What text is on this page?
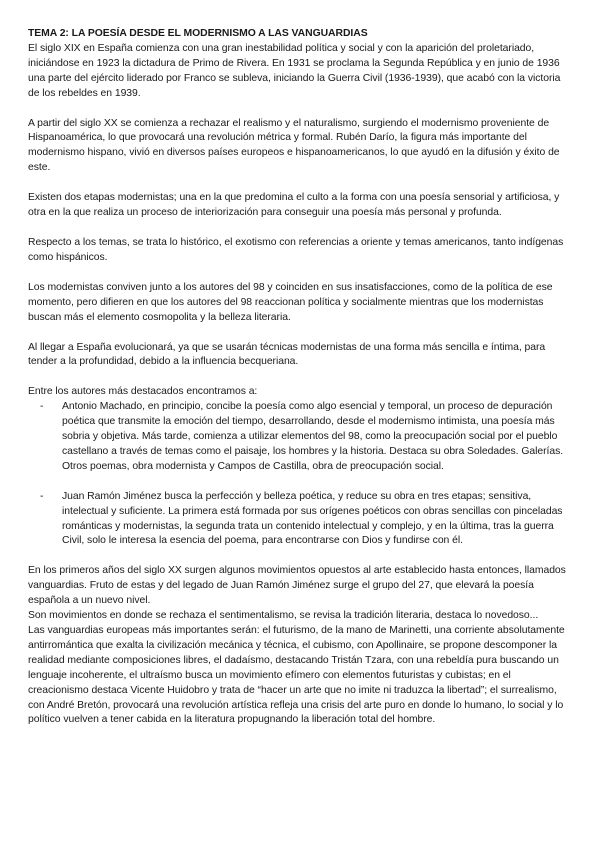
TEMA 2: LA POESÍA DESDE EL MODERNISMO A LAS VANGUARDIAS

El siglo XIX en España comienza con una gran inestabilidad política y social y con la aparición del proletariado, iniciándose en 1923 la dictadura de Primo de Rivera. En 1931 se proclama la Segunda República y en junio de 1936 una parte del ejército liderado por Franco se subleva, iniciando la Guerra Civil (1936-1939), que acabó con la victoria de los rebeldes en 1939.

A partir del siglo XX se comienza a rechazar el realismo y el naturalismo, surgiendo el modernismo proveniente de Hispanoamérica, lo que provocará una revolución métrica y formal. Rubén Darío, la figura más importante del modernismo hispano, vivió en diversos países europeos e hispanoamericanos, lo que ayudó en la difusión y éxito de este.

Existen dos etapas modernistas; una en la que predomina el culto a la forma con una poesía sensorial y artificiosa, y otra en la que realiza un proceso de interiorización para conseguir una poesía más personal y profunda.

Respecto a los temas, se trata lo histórico, el exotismo con referencias a oriente y temas americanos, tanto indígenas como hispánicos.

Los modernistas conviven junto a los autores del 98 y coinciden en sus insatisfacciones, como de la política de ese momento, pero difieren en que los autores del 98 reaccionan política y socialmente mientras que los modernistas buscan más el elemento cosmopolita y la belleza literaria.

Al llegar a España evolucionará, ya que se usarán técnicas modernistas de una forma más sencilla e íntima, para tender a la profundidad, debido a la influencia becqueriana.

Entre los autores más destacados encontramos a:

- Antonio Machado, en principio, concibe la poesía como algo esencial y temporal, un proceso de depuración poética que transmite la emoción del tiempo, desarrollando, desde el modernismo intimista, una poesía más sobria y objetiva. Más tarde, comienza a utilizar elementos del 98, como la preocupación social por el pueblo castellano a través de temas como el paisaje, los hombres y la historia. Destaca su obra Soledades. Galerías. Otros poemas, obra modernista y Campos de Castilla, obra de preocupación social.
- Juan Ramón Jiménez busca la perfección y belleza poética, y reduce su obra en tres etapas; sensitiva, intelectual y suficiente. La primera está formada por sus orígenes poéticos con obras sencillas con pinceladas románticas y modernistas, la segunda trata un contenido intelectual y complejo, y en la última, tras la guerra Civil, solo le interesa la esencia del poema, para encontrarse con Dios y fundirse con él.

En los primeros años del siglo XX surgen algunos movimientos opuestos al arte establecido hasta entonces, llamados vanguardias. Fruto de estas y del legado de Juan Ramón Jiménez surge el grupo del 27, que elevará la poesía española a un nuevo nivel.

Son movimientos en donde se rechaza el sentimentalismo, se revisa la tradición literaria, destaca lo novedoso...

Las vanguardias europeas más importantes serán: el futurismo, de la mano de Marinetti, una corriente absolutamente antirromántica que exalta la civilización mecánica y técnica, el cubismo, con Apollinaire, se propone descomponer la realidad mediante composiciones libres, el dadaísmo, destacando Tristán Tzara, con una rebeldía pura buscando un lenguaje incoherente, el ultraísmo busca un movimiento efímero con elementos futuristas y cubistas; en el creacionismo destaca Vicente Huidobro y trata de “hacer un arte que no imite ni traduzca la libertad”; el surrealismo, con André Bretón, provocará una revolución artística refleja una crisis del arte puro en donde lo humano, lo social y lo político vuelven a tener cabida en la literatura propugnando la liberación total del hombre.
